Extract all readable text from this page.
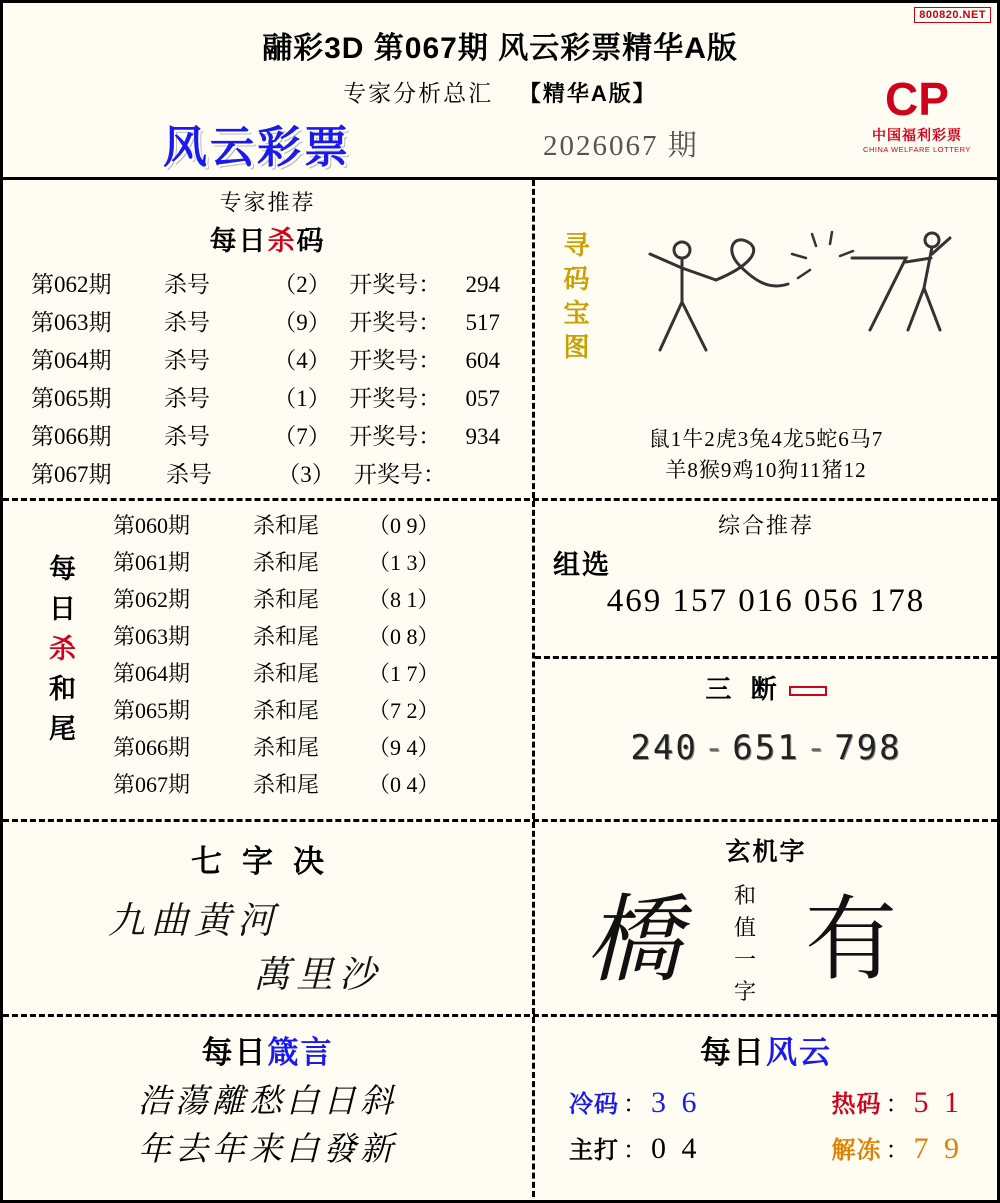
800820.NET
鬴彩3D 第067期 风云彩票精华A版
专家分析总汇 【精华A版】
风云彩票	2026067 期
CP
中国福利彩票
CHINA WELFARE LOTTERY
专家推荐
每日杀码
第062期	杀号	（2） 开奖号：	294
第063期	杀号	（9） 开奖号：	517
第064期	杀号	（4） 开奖号：	604
第065期	杀号	（1） 开奖号：	057
第066期	杀号	（7） 开奖号：	934
第067期	杀号	（3） 开奖号：
寻码宝图
鼠1牛2虎3兔4龙5蛇6马7
羊8猴9鸡10狗11猪12
每日
杀
和尾
第060期	杀和尾	（0 9）
第061期	杀和尾	（1 3）
第062期	杀和尾	（8 1）
第063期	杀和尾	（0 8）
第064期	杀和尾	（1 7）
第065期	杀和尾	（7 2）
第066期	杀和尾	（9 4）
第067期	杀和尾	（0 4）
综合推荐
组选
469 157 016 056 178
三 断
240 - 651 - 798
七字决
九曲黄河
萬里沙
玄机字
橋 和值一字
有
每日箴言
浩蕩離愁白日斜
年去年来白發新
每日风云
冷码 ： 3 6	热码 ： 5 1
主打 ： 0 4	解冻 ： 7 9
